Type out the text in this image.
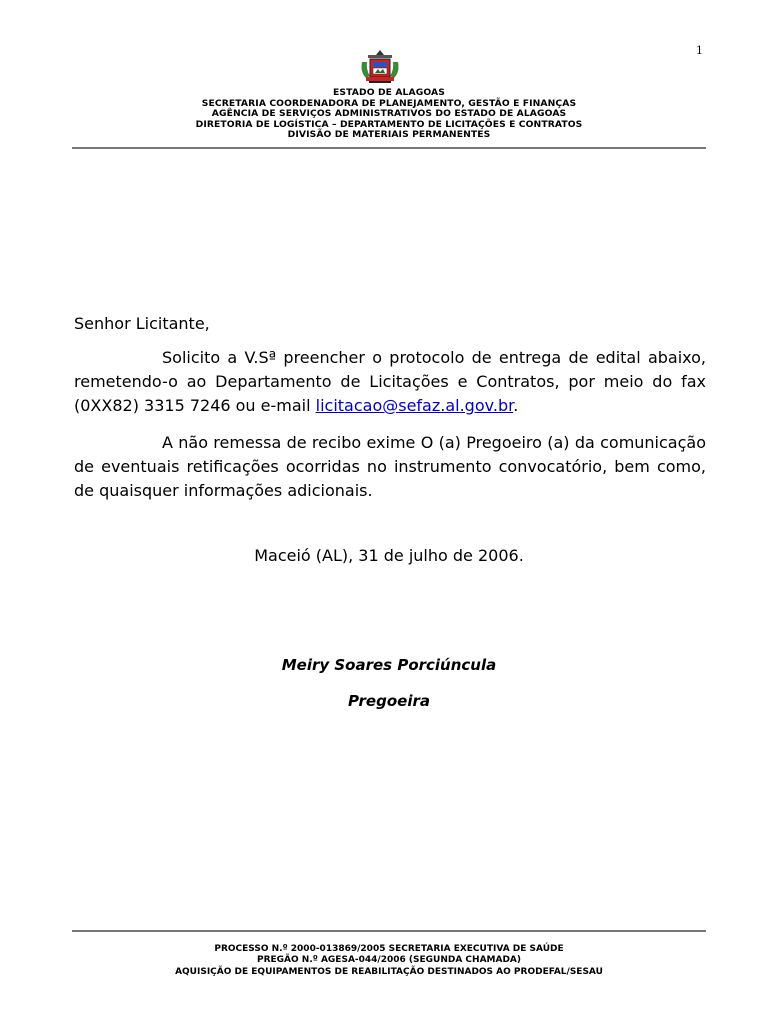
1
ESTADO DE ALAGOAS
SECRETARIA COORDENADORA DE PLANEJAMENTO, GESTÃO E FINANÇAS
AGÊNCIA DE SERVIÇOS ADMINISTRATIVOS DO ESTADO DE ALAGOAS
DIRETORIA DE LOGÍSTICA – DEPARTAMENTO DE LICITAÇÕES E CONTRATOS
DIVISÃO DE MATERIAIS PERMANENTES
Senhor Licitante,
Solicito a V.Sª preencher o protocolo de entrega de edital abaixo, remetendo-o ao Departamento de Licitações e Contratos, por meio do fax (0XX82) 3315 7246 ou e-mail licitacao@sefaz.al.gov.br.
A não remessa de recibo exime O (a) Pregoeiro (a) da comunicação de eventuais retificações ocorridas no instrumento convocatório, bem como, de quaisquer informações adicionais.
Maceió (AL), 31 de julho de 2006.
Meiry Soares Porciúncula
Pregoeira
PROCESSO N.º 2000-013869/2005 SECRETARIA EXECUTIVA DE SAÚDE
PREGÃO N.º AGESA-044/2006 (SEGUNDA CHAMADA)
AQUISIÇÃO DE EQUIPAMENTOS DE REABILITAÇÃO DESTINADOS AO PRODEFAL/SESAU
